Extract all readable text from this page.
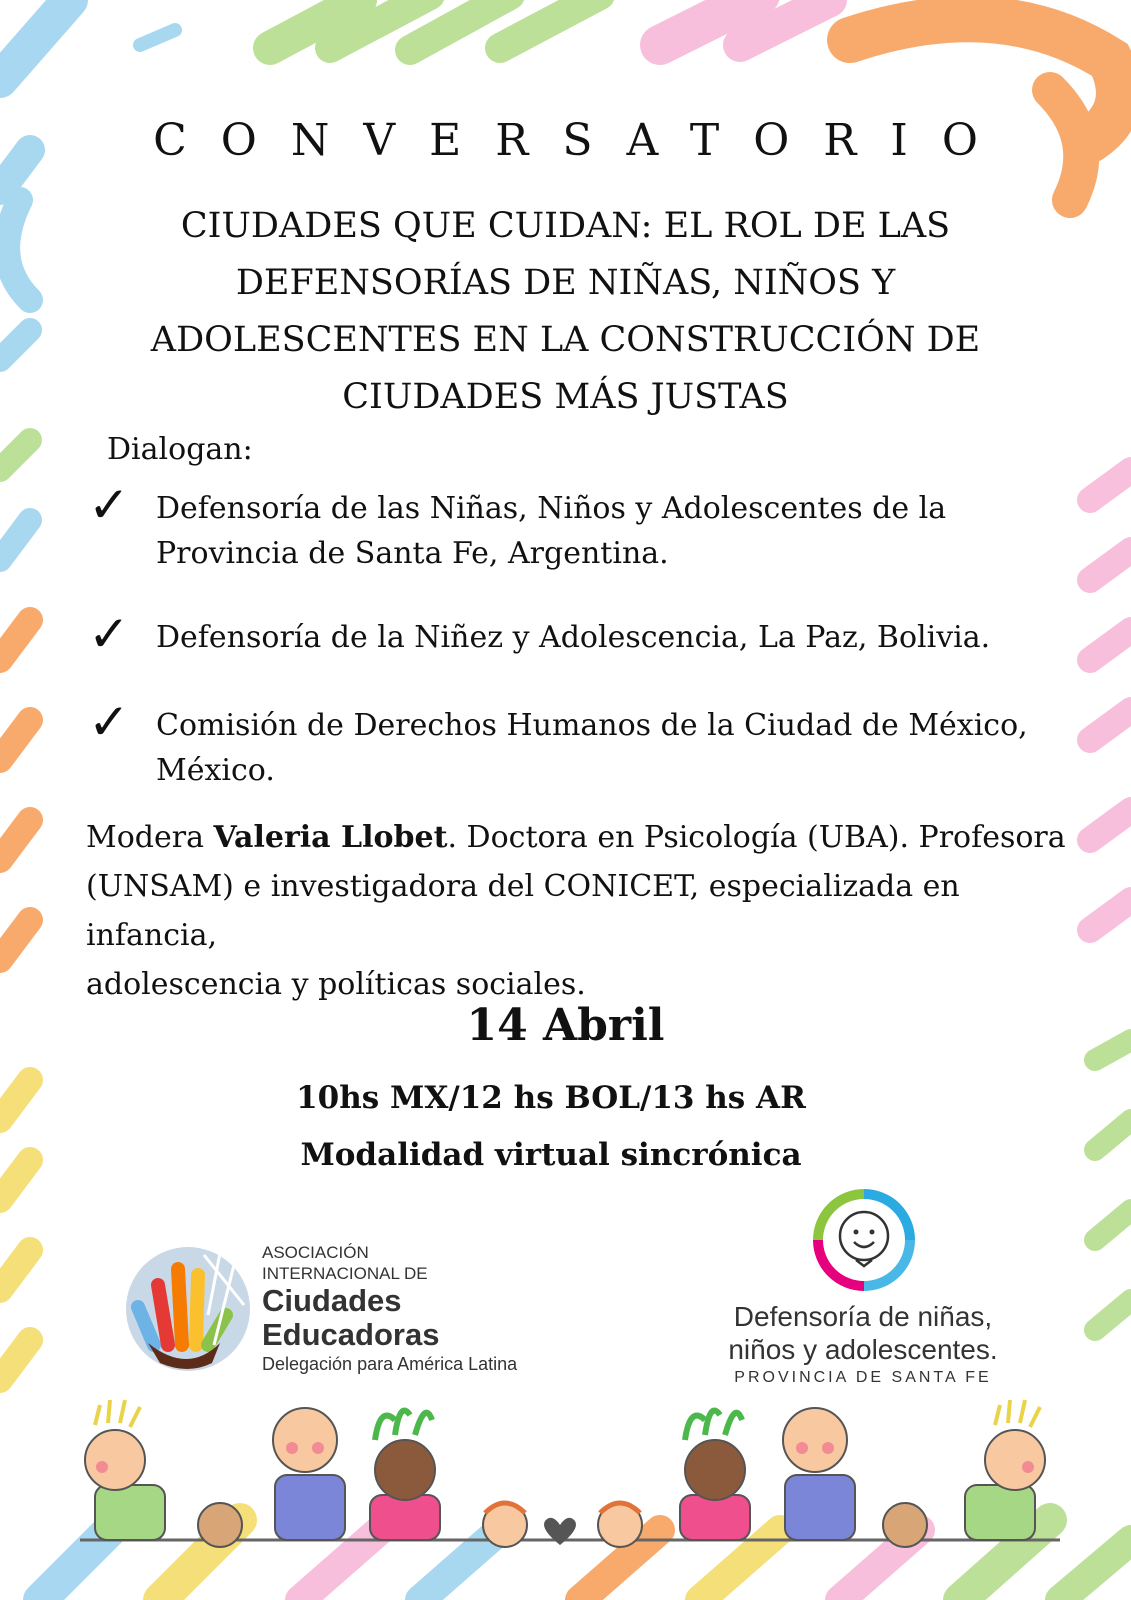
CONVERSATORIO
CIUDADES QUE CUIDAN: EL ROL DE LAS
DEFENSORÍAS DE NIÑAS, NIÑOS Y
ADOLESCENTES EN LA CONSTRUCCIÓN DE
CIUDADES MÁS JUSTAS
Dialogan:
✓ Defensoría de las Niñas, Niños y Adolescentes de la
Provincia de Santa Fe, Argentina.
✓ Defensoría de la Niñez y Adolescencia, La Paz, Bolivia.
✓ Comisión de Derechos Humanos de la Ciudad de México,
México.
Modera Valeria Llobet. Doctora en Psicología (UBA). Profesora
(UNSAM) e investigadora del CONICET, especializada en infancia,
adolescencia y políticas sociales.
14 Abril
10hs MX/12 hs BOL/13 hs AR
Modalidad virtual sincrónica
ASOCIACIÓN
INTERNACIONAL DE
Ciudades
Educadoras
Delegación para América Latina
Defensoría de niñas,
niños y adolescentes.
PROVINCIA DE SANTA FE
